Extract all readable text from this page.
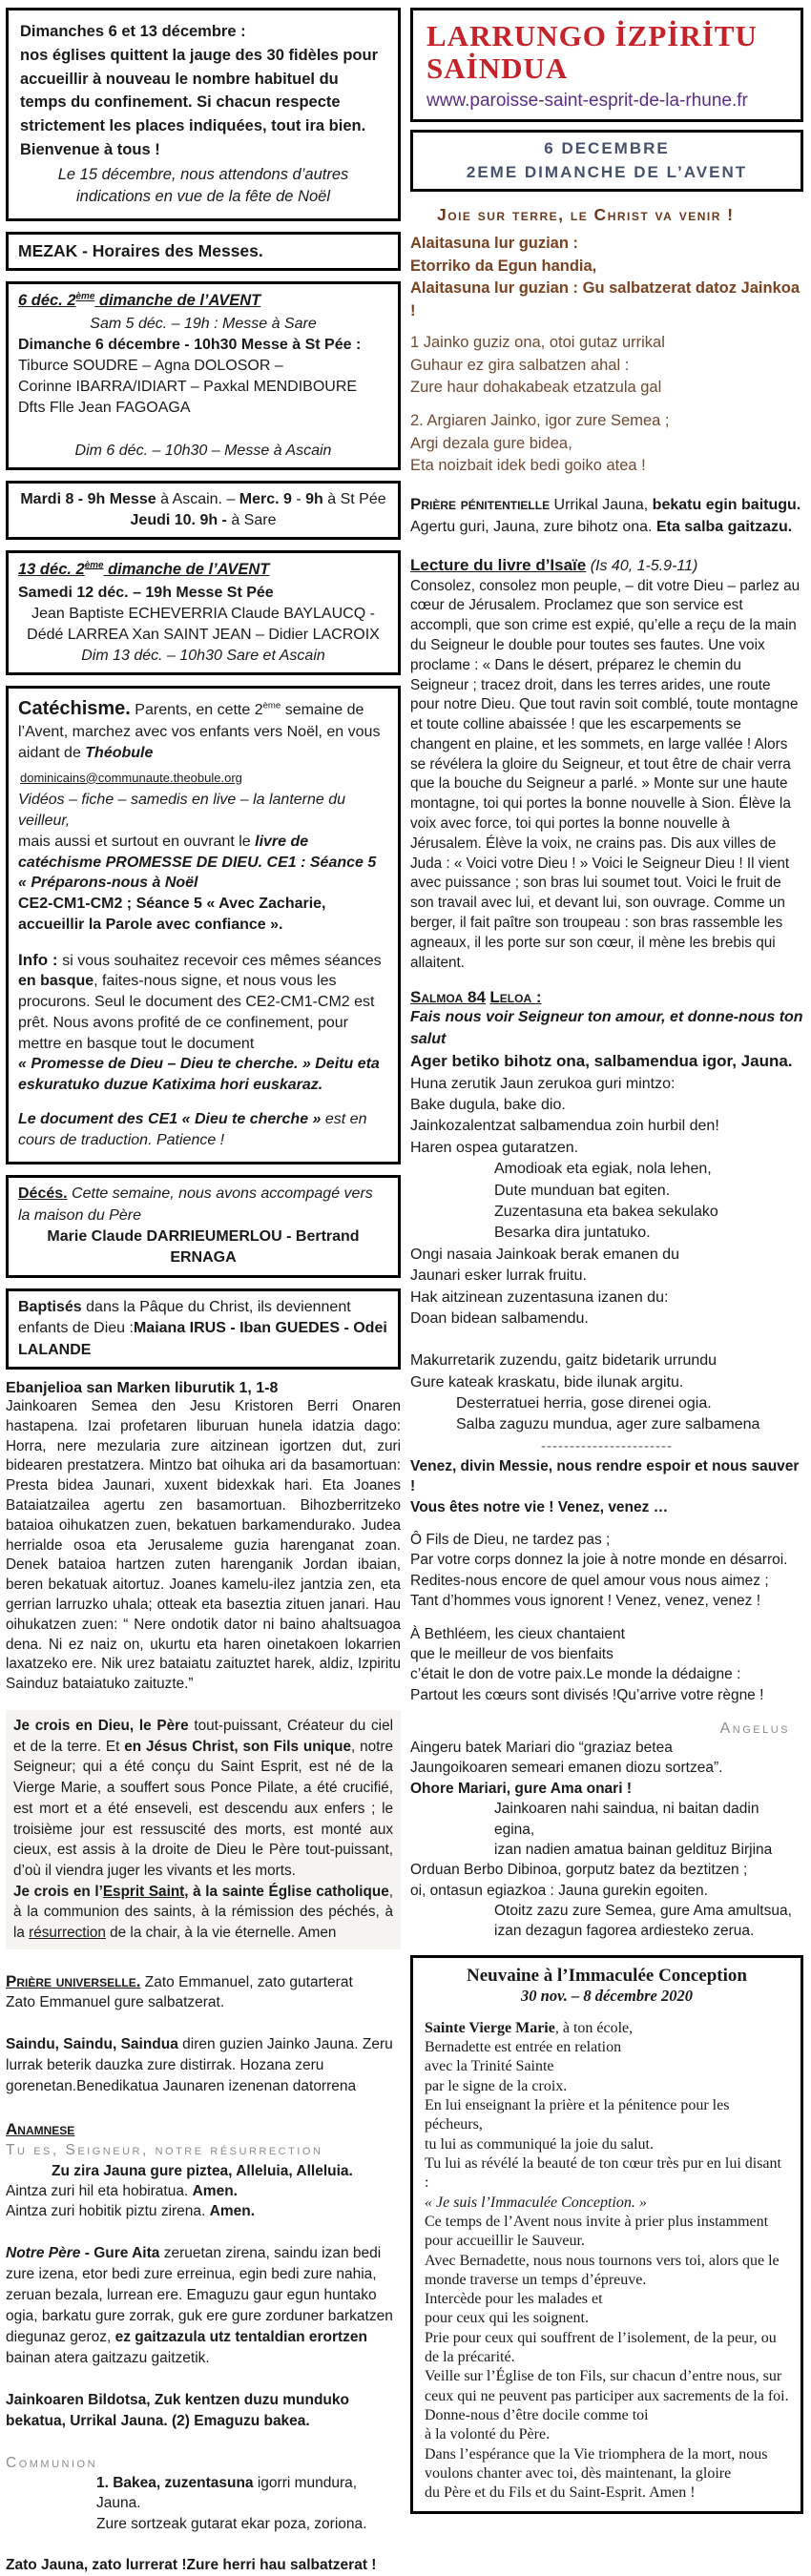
Dimanches 6 et 13 décembre :
nos églises quittent la jauge des 30 fidèles pour accueillir à nouveau le nombre habituel du temps du confinement. Si chacun respecte strictement les places indiquées, tout ira bien. Bienvenue à tous !
Le 15 décembre, nous attendons d’autres
indications en vue de la fête de Noël
MEZAK - Horaires des Messes.
6 déc. 2ème dimanche de l’AVENT
Sam 5 déc. – 19h : Messe à Sare
Dimanche 6 décembre - 10h30 Messe à St Pée :
Tiburce SOUDRE – Agna DOLOSOR –
Corinne IBARRA/IDIART – Paxkal MENDIBOURE
Dfts Flle Jean FAGOAGA
Dim 6 déc. – 10h30 – Messe à Ascain
Mardi 8 - 9h Messe à Ascain. – Merc. 9 - 9h à St Pée
Jeudi 10. 9h - à Sare
13 déc. 2ème dimanche de l’AVENT
Samedi 12 déc. – 19h Messe St Pée
Jean Baptiste ECHEVERRIA Claude BAYLAUCQ -
Dédé LARREA Xan SAINT JEAN – Didier LACROIX
Dim 13 déc. – 10h30 Sare et Ascain
Catéchisme. Parents, en cette 2ème semaine de l’Avent, marchez avec vos enfants vers Noël, en vous aidant de Théobule
dominicains@communaute.theobule.org
Vidéos – fiche – samedis en live – la lanterne du veilleur,
mais aussi et surtout en ouvrant le livre de catéchisme PROMESSE DE DIEU. CE1 : Séance 5 « Préparons-nous à Noël
CE2-CM1-CM2 ; Séance 5 « Avec Zacharie, accueillir la Parole avec confiance ».
Info : si vous souhaitez recevoir ces mêmes séances en basque, faites-nous signe, et nous vous les procurons. Seul le document des CE2-CM1-CM2 est prêt. Nous avons profité de ce confinement, pour mettre en basque tout le document
« Promesse de Dieu – Dieu te cherche. » Deitu eta eskuratuko duzue Katixima hori euskaraz.
Le document des CE1 « Dieu te cherche » est en cours de traduction. Patience !
Décés. Cette semaine, nous avons accompagé vers la maison du Père
Marie Claude DARRIEUMERLOU - Bertrand ERNAGA
Baptisés dans la Pâque du Christ, ils deviennent enfants de Dieu :Maiana IRUS - Iban GUEDES - Odei LALANDE
Ebanjelioa san Marken liburutik 1, 1-8
Jainkoaren Semea den Jesu Kristoren Berri Onaren hastapena. Izai profetaren liburuan hunela idatzia dago: Horra, nere mezularia zure aitzinean igortzen dut, zuri bidearen prestatzera. Mintzo bat oihuka ari da basamortuan: Presta bidea Jaunari, xuxent bidexkak hari. Eta Joanes Bataiatzailea agertu zen basamortuan. Bihozberritzeko bataioa oihukatzen zuen, bekatuen barkamendurako. Judea herrialde osoa eta Jerusaleme guzia harenganat zoan. Denek bataioa hartzen zuten harenganik Jordan ibaian, beren bekatuak aitortuz. Joanes kamelu-ilez jantzia zen, eta gerrian larruzko uhala; otteak eta baseztia zituen janari. Hau oihukatzen zuen: “ Nere ondotik dator ni baino ahaltsuagoa dena. Ni ez naiz on, ukurtu eta haren oinetakoen lokarrien laxatzeko ere. Nik urez bataiatu zaituztet harek, aldiz, Izpiritu Sainduz bataiatuko zaituzte.”
Je crois en Dieu, le Père tout-puissant, Créateur du ciel et de la terre. Et en Jésus Christ, son Fils unique, notre Seigneur; qui a été conçu du Saint Esprit, est né de la Vierge Marie, a souffert sous Ponce Pilate, a été crucifié, est mort et a été enseveli, est descendu aux enfers ; le troisième jour est ressuscité des morts, est monté aux cieux, est assis à la droite de Dieu le Père tout-puissant, d’où il viendra juger les vivants et les morts.
Je crois en l’Esprit Saint, à la sainte Église catholique, à la communion des saints, à la rémission des péchés, à la résurrection de la chair, à la vie éternelle. Amen
Prière universelle. Zato Emmanuel, zato gutarterat
Zato Emmanuel gure salbatzerat.
Saindu, Saindu, Saindua diren guzien Jainko Jauna. Zeru lurrak beterik dauzka zure distirrak. Hozana zeru gorenetan.Benedikatua Jaunaren izenenan datorrena
Anamnese
Tu es, Seigneur, notre résurrection
Zu zira Jauna gure piztea, Alleluia, Alleluia.
Aintza zuri hil eta hobiratua. Amen.
Aintza zuri hobitik piztu zirena. Amen.
Notre Père - Gure Aita zeruetan zirena, saindu izan bedi zure izena, etor bedi zure erreinua, egin bedi zure nahia, zeruan bezala, lurrean ere. Emaguzu gaur egun huntako ogia, barkatu gure zorrak, guk ere gure zorduner barkatzen diegunaz geroz, ez gaitzazula utz tentaldian erortzen bainan atera gaitzazu gaitzetik.
Jainkoaren Bildotsa, Zuk kentzen duzu munduko bekatua, Urrikal Jauna. (2) Emaguzu bakea.
Communion
1. Bakea, zuzentasuna igorri mundura, Jauna.
Zure sortzeak gutarat ekar poza, zoriona.
Zato Jauna, zato lurrerat !Zure herri hau salbatzerat !
LARRUNGO İZPİRİTU SAİNDUA
www.paroisse-saint-esprit-de-la-rhune.fr
6 DECEMBRE
2EME DIMANCHE DE L’AVENT
Joie sur terre, le Christ va venir !
Alaitasuna lur guzian :
Etorriko da Egun handia,
Alaitasuna lur guzian : Gu salbatzerat datoz Jainkoa !
1 Jainko guziz ona, otoi gutaz urrikal
Guhaur ez gira salbatzen ahal :
Zure haur dohakabeak etzatzula gal
2. Argiaren Jainko, igor zure Semea ;
Argi dezala gure bidea,
Eta noizbait idek bedi goiko atea !
Prière pénitentielle Urrikal Jauna, bekatu egin baitugu.
Agertu guri, Jauna, zure bihotz ona. Eta salba gaitzazu.
Lecture du livre d’Isaïe (Is 40, 1-5.9-11)
Consolez, consolez mon peuple, – dit votre Dieu – parlez au cœur de Jérusalem. Proclamez que son service est accompli, que son crime est expié, qu’elle a reçu de la main du Seigneur le double pour toutes ses fautes. Une voix proclame : « Dans le désert, préparez le chemin du Seigneur ; tracez droit, dans les terres arides, une route pour notre Dieu. Que tout ravin soit comblé, toute montagne et toute colline abaissée ! que les escarpements se changent en plaine, et les sommets, en large vallée ! Alors se révélera la gloire du Seigneur, et tout être de chair verra que la bouche du Seigneur a parlé. » Monte sur une haute montagne, toi qui portes la bonne nouvelle à Sion. Élève la voix avec force, toi qui portes la bonne nouvelle à Jérusalem. Élève la voix, ne crains pas. Dis aux villes de Juda : « Voici votre Dieu ! » Voici le Seigneur Dieu ! Il vient avec puissance ; son bras lui soumet tout. Voici le fruit de son travail avec lui, et devant lui, son ouvrage. Comme un berger, il fait paître son troupeau : son bras rassemble les agneaux, il les porte sur son cœur, il mène les brebis qui allaitent.
Salmoa 84 Leloa :
Fais nous voir Seigneur ton amour, et donne-nous ton salut
Ager betiko bihotz ona, salbamendua igor, Jauna.
Huna zerutik Jaun zerukoa guri mintzo:
Bake dugula, bake dio.
Jainkozalentzat salbamendua zoin hurbil den!
Haren ospea gutaratzen.
Amodioak eta egiak, nola lehen,
Dute munduan bat egiten.
Zuzentasuna eta bakea sekulako
Besarka dira juntatuko.
Ongi nasaia Jainkoak berak emanen du
Jaunari esker lurrak fruitu.
Hak aitzinean zuzentasuna izanen du:
Doan bidean salbamendu.
Makurretarik zuzendu, gaitz bidetarik urrundu
Gure kateak kraskatu, bide ilunak argitu.
Desterratuei herria, gose direnei ogia.
Salba zaguzu mundua, ager zure salbamena
-----------------------
Venez, divin Messie, nous rendre espoir et nous sauver !
Vous êtes notre vie ! Venez, venez …
Ô Fils de Dieu, ne tardez pas ;
Par votre corps donnez la joie à notre monde en désarroi.
Redites-nous encore de quel amour vous nous aimez ;
Tant d’hommes vous ignorent ! Venez, venez, venez !
À Bethléem, les cieux chantaient
que le meilleur de vos bienfaits
c’était le don de votre paix.Le monde la dédaigne :
Partout les cœurs sont divisés !Qu’arrive votre règne !
Angelus
Aingeru batek Mariari dio “graziaz betea
Jaungoikoaren semeari emanen diozu sortzea”.
Ohore Mariari, gure Ama onari !
Jainkoaren nahi saindua, ni baitan dadin egina,
izan nadien amatua bainan geldituz Birjina
Orduan Berbo Dibinoa, gorputz batez da beztitzen ;
oi, ontasun egiazkoa : Jauna gurekin egoiten.
Otoitz zazu zure Semea, gure Ama amultsua,
izan dezagun fagorea ardiesteko zerua.
Neuvaine à l’Immaculée Conception
30 nov. – 8 décembre 2020
Sainte Vierge Marie, à ton école,
Bernadette est entrée en relation
avec la Trinité Sainte
par le signe de la croix.
En lui enseignant la prière et la pénitence pour les pécheurs,
tu lui as communiqué la joie du salut.
Tu lui as révélé la beauté de ton cœur très pur en lui disant :
« Je suis l’Immaculée Conception. »
Ce temps de l’Avent nous invite à prier plus instamment pour accueillir le Sauveur.
Avec Bernadette, nous nous tournons vers toi, alors que le monde traverse un temps d’épreuve.
Intercède pour les malades et
pour ceux qui les soignent.
Prie pour ceux qui souffrent de l’isolement, de la peur, ou de la précarité.
Veille sur l’Église de ton Fils, sur chacun d’entre nous, sur ceux qui ne peuvent pas participer aux sacrements de la foi.
Donne-nous d’être docile comme toi
à la volonté du Père.
Dans l’espérance que la Vie triomphera de la mort, nous voulons chanter avec toi, dès maintenant, la gloire
du Père et du Fils et du Saint-Esprit. Amen !
